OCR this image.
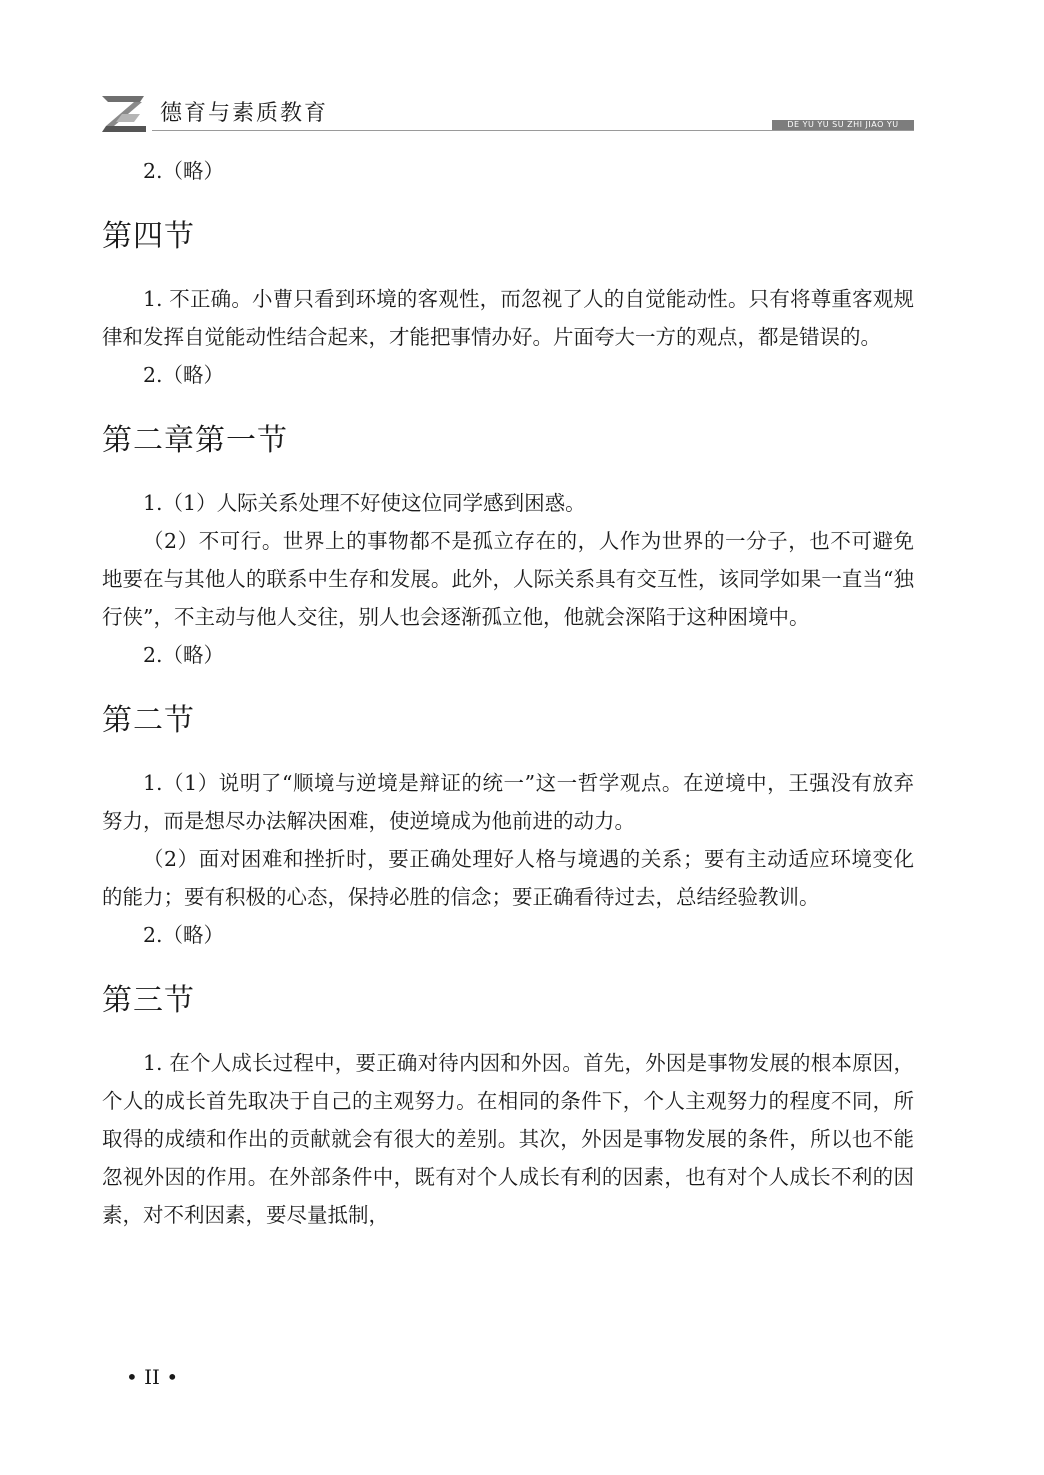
德育与素质教育	DE YU YU SU ZHI JIAO YU

2.（略）

第四节

1. 不正确。小曹只看到环境的客观性，而忽视了人的自觉能动性。只有将尊重客观规律和发挥自觉能动性结合起来，才能把事情办好。片面夸大一方的观点，都是错误的。

2.（略）

第二章第一节

1.（1）人际关系处理不好使这位同学感到困惑。

（2）不可行。世界上的事物都不是孤立存在的，人作为世界的一分子，也不可避免地要在与其他人的联系中生存和发展。此外，人际关系具有交互性，该同学如果一直当“独行侠”，不主动与他人交往，别人也会逐渐孤立他，他就会深陷于这种困境中。

2.（略）

第二节

1.（1）说明了“顺境与逆境是辩证的统一”这一哲学观点。在逆境中，王强没有放弃努力，而是想尽办法解决困难，使逆境成为他前进的动力。

（2）面对困难和挫折时，要正确处理好人格与境遇的关系；要有主动适应环境变化的能力；要有积极的心态，保持必胜的信念；要正确看待过去，总结经验教训。

2.（略）

第三节

1. 在个人成长过程中，要正确对待内因和外因。首先，外因是事物发展的根本原因，个人的成长首先取决于自己的主观努力。在相同的条件下，个人主观努力的程度不同，所取得的成绩和作出的贡献就会有很大的差别。其次，外因是事物发展的条件，所以也不能忽视外因的作用。在外部条件中，既有对个人成长有利的因素，也有对个人成长不利的因素，对不利因素，要尽量抵制，

• II •
